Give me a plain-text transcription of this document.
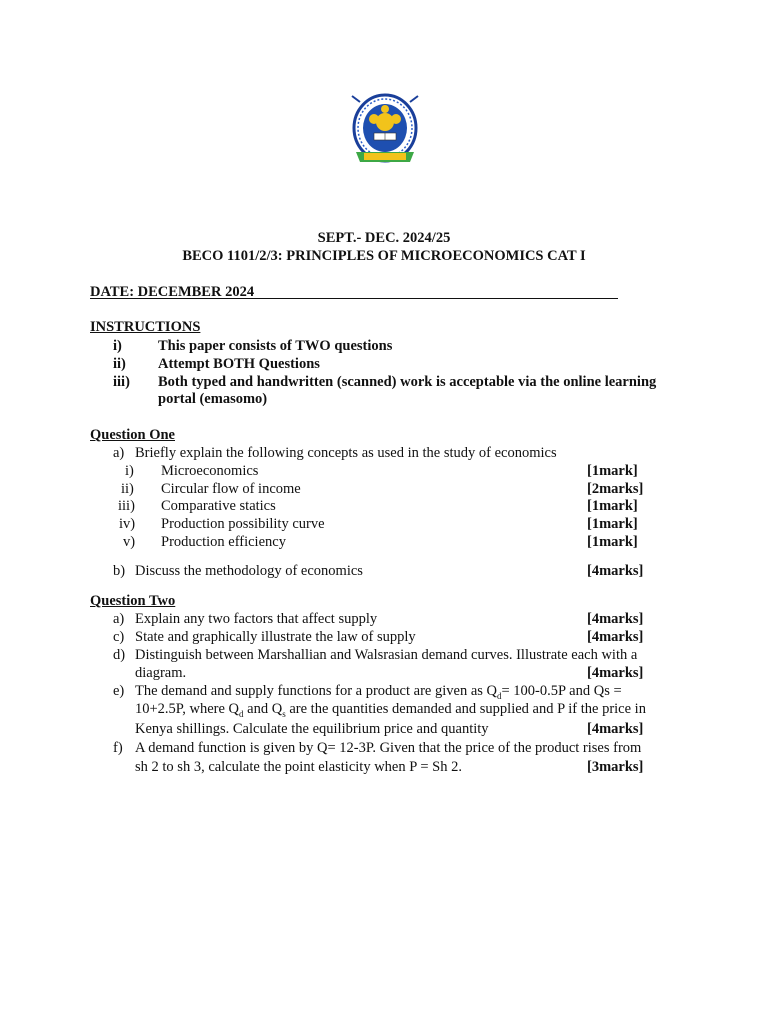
SEPT.- DEC. 2024/25
BECO 1101/2/3: PRINCIPLES OF MICROECONOMICS CAT I
DATE: DECEMBER 2024
INSTRUCTIONS
i) This paper consists of TWO questions
ii) Attempt BOTH Questions
iii) Both typed and handwritten (scanned) work is acceptable via the online learning
portal (emasomo)
Question One
a) Briefly explain the following concepts as used in the study of economics
i) Microeconomics	[1mark]
ii) Circular flow of income	[2marks]
iii) Comparative statics	[1mark]
iv) Production possibility curve	[1mark]
v) Production efficiency	[1mark]
b) Discuss the methodology of economics	[4marks]
Question Two
a) Explain any two factors that affect supply	[4marks]
c) State and graphically illustrate the law of supply	[4marks]
d) Distinguish between Marshallian and Walsrasian demand curves. Illustrate each with a
diagram.	[4marks]
e) The demand and supply functions for a product are given as $Q_d= 100-0.5P$ and Qs =
10+2.5P, where $Q_d$ and $Q_s$ are the quantities demanded and supplied and P if the price in
Kenya shillings. Calculate the equilibrium price and quantity	[4marks]
f) A demand function is given by Q= 12-3P. Given that the price of the product rises from
sh 2 to sh 3, calculate the point elasticity when P = Sh 2.	[3marks]
